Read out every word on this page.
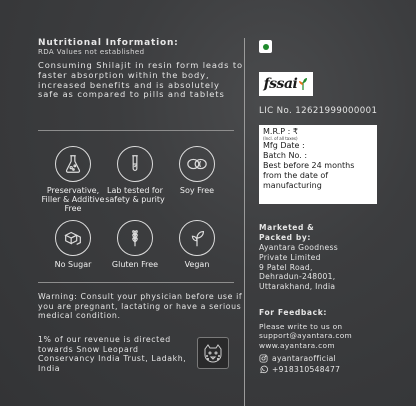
Nutritional Information:
RDA Values not established
Consuming Shilajit in resin form leads to faster absorption within the body, increased benefits and is absolutely safe as compared to pills and tablets
Preservative, Filler & Additive Free
Lab tested for safety & purity
Soy Free
No Sugar	Gluten Free	Vegan
Warning: Consult your physician before use if you are pregnant, lactating or have a serious medical condition.
1% of our revenue is directed towards Snow Leopard Conservancy India Trust, Ladakh, India
fssai
LIC No. 12621999000001
M.R.P : ₹
(Incl. of all taxes)
Mfg Date :
Batch No. :
Best before 24 months from the date of manufacturing
Marketed & Packed by:
Ayantara Goodness
Private Limited
9 Patel Road,
Dehradun-248001,
Uttarakhand, India
For Feedback:
Please write to us on
support@ayantara.com
www.ayantara.com
ayantaraofficial
+918310548477
